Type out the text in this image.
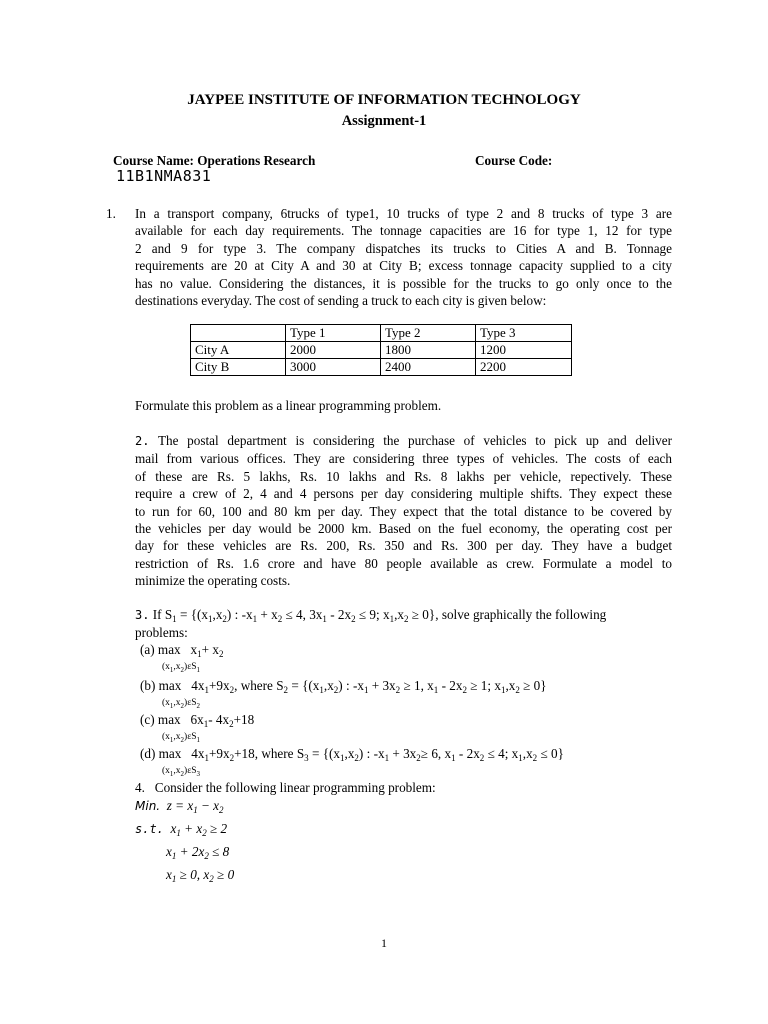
JAYPEE INSTITUTE OF INFORMATION TECHNOLOGY
Assignment-1
Course Name: Operations Research	Course Code:
11B1NMA831
1. In a transport company, 6trucks of type1, 10 trucks of type 2 and 8 trucks of type 3 are
available for each day requirements. The tonnage capacities are 16 for type 1, 12 for type
2 and 9 for type 3. The company dispatches its trucks to Cities A and B. Tonnage
requirements are 20 at City A and 30 at City B; excess tonnage capacity supplied to a city
has no value. Considering the distances, it is possible for the trucks to go only once to the
destinations everyday. The cost of sending a truck to each city is given below:
	Type 1	Type 2	Type 3
City A	2000	1800	1200
City B	3000	2400	2200
Formulate this problem as a linear programming problem.
2. The postal department is considering the purchase of vehicles to pick up and deliver
mail from various offices. They are considering three types of vehicles. The costs of each
of these are Rs. 5 lakhs, Rs. 10 lakhs and Rs. 8 lakhs per vehicle, repectively. These
require a crew of 2, 4 and 4 persons per day considering multiple shifts. They expect these
to run for 60, 100 and 80 km per day. They expect that the total distance to be covered by
the vehicles per day would be 2000 km. Based on the fuel economy, the operating cost per
day for these vehicles are Rs. 200, Rs. 350 and Rs. 300 per day. They have a budget
restriction of Rs. 1.6 crore and have 80 people available as crew. Formulate a model to
minimize the operating costs.
3. If $S_1 = \{(x_1,x_2)$ : $-x_1 + x_2 \le 4$, $3x_1 - 2x_2 \le 9$; $x_1,x_2 \ge 0$}, solve graphically the following
problems:
(a) $\max x_1+ x_2$
$(x_1,x_2)\varepsilon S_1$
(b) $\max 4x_1+9x_2$, where $S_2 = \{(x_1,x_2)$ : $-x_1 + 3x_2 \ge 1$, $x_1 - 2x_2 \ge 1$; $x_1,x_2 \ge 0$}
$(x_1,x_2)\varepsilon S_2$
(c) $\max 6x_1-$ $4x_2+18$
$(x_1,x_2)\varepsilon S_1$
(d) $\max 4x_1+9x_2+18$, where $S_3 = \{(x_1,x_2)$ : $-x_1 + 3x_2\ge 6$, $x_1 - 2x_2 \le 4$; $x_1,x_2 \le 0$}
$(x_1,x_2)\varepsilon S_3$
4. Consider the following linear programming problem:
Min.  $z = x_1 - x_2$
s.t.  $x_1 + x_2 \ge 2$
$x_1 + 2x_2 \le 8$
$x_1 \ge 0$, $x_2 \ge 0$
1
